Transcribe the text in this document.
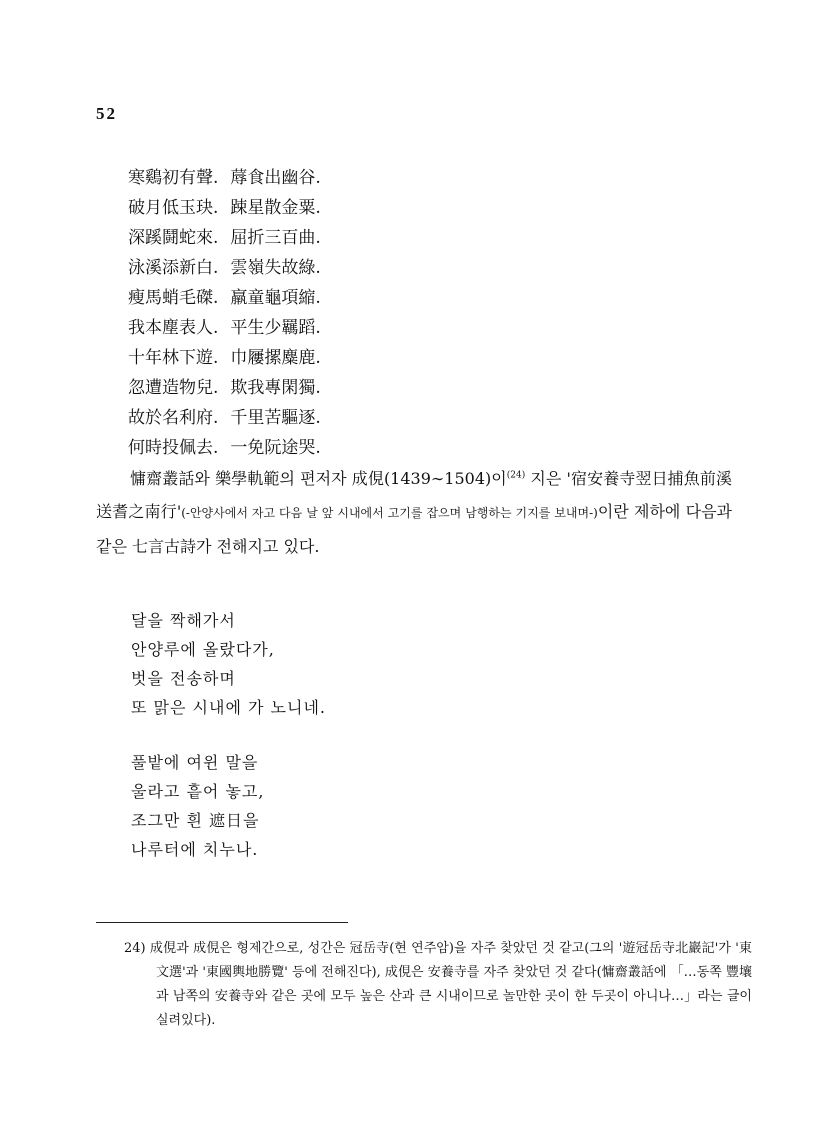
52
寒鷄初有聲. 蓐食出幽谷.
破月低玉玦. 踈星散金粟.
深蹊鬪蛇來. 屈折三百曲.
泳溪添新白. 雲嶺失故綠.
瘦馬蛸毛磔. 羸童龜項縮.
我本塵表人. 平生少羈蹈.
十年林下遊. 巾屨摞麋鹿.
忽遭造物兒. 欺我專閑獨.
故於名利府. 千里苦驅逐.
何時投佩去. 一免阮途哭.

慵齋叢話와 樂學軌範의 편저자 成俔(1439∼1504)이$^{(24)}$ 지은 '宿安養寺翌日捕魚前溪送耆之南行'(-안양사에서 자고 다음 날 앞 시내에서 고기를 잡으며 남행하는 기지를 보내며-)이란 제하에 다음과 같은 七言古詩가 전해지고 있다.

달을 짝해가서
안양루에 올랐다가,
벗을 전송하며
또 맑은 시내에 가 노니네.
풀밭에 여윈 말을
울라고 흩어 놓고,
조그만 흰 遮日을
나루터에 치누나.

24) 成俔과 成俔은 형제간으로, 성간은 冠岳寺(현 연주암)을 자주 찾았던 것 같고(그의 '遊冠岳寺北巖記'가 '東文選'과 '東國輿地勝覽' 등에 전해진다), 成俔은 安養寺를 자주 찾았던 것 같다(慵齋叢話에 「…동쪽 豐壤과 남쪽의 安養寺와 같은 곳에 모두 높은 산과 큰 시내이므로 놀만한 곳이 한 두곳이 아니나…」라는 글이 실려있다).
